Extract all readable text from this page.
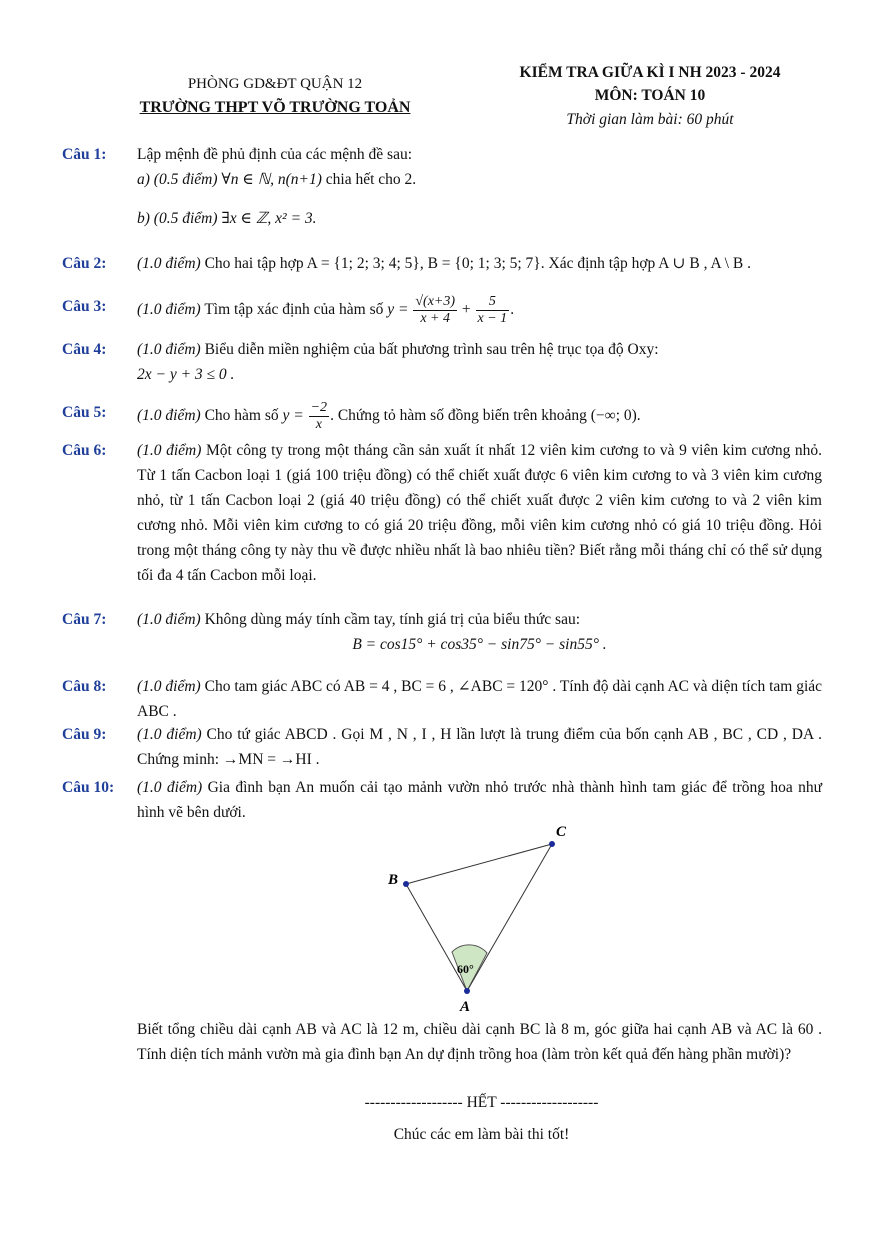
PHÒNG GD&ĐT QUẬN 12
TRƯỜNG THPT VÕ TRƯỜNG TOẢN
KIỂM TRA GIỮA KÌ I NH 2023 - 2024
MÔN: TOÁN 10
Thời gian làm bài: 60 phút
Câu 1:	Lập mệnh đề phủ định của các mệnh đề sau:
a) (0.5 điểm) ∀n ∈ ℕ, n(n+1) chia hết cho 2.
b) (0.5 điểm) ∃x ∈ ℤ, x² = 3.
Câu 2:	(1.0 điểm) Cho hai tập hợp A = {1; 2; 3; 4; 5}, B = {0; 1; 3; 5; 7}. Xác định tập hợp A ∪ B , A \ B .
Câu 3:	(1.0 điểm) Tìm tập xác định của hàm số $y = \frac{√(x+3)}{x + 4} + \frac{5}{x - 1}$ .
Câu 4:	(1.0 điểm) Biểu diễn miền nghiệm của bất phương trình sau trên hệ trục tọa độ Oxy:
2x − y + 3 ≤ 0 .
Câu 5:	(1.0 điểm) Cho hàm số $y = \frac{-2}{x}$ . Chứng tỏ hàm số đồng biến trên khoảng (−∞; 0).
Câu 6:	(1.0 điểm) Một công ty trong một tháng cần sản xuất ít nhất 12 viên kim cương to và 9 viên kim cương nhỏ. Từ 1 tấn Cacbon loại 1 (giá 100 triệu đồng) có thể chiết xuất được 6 viên kim cương to và 3 viên kim cương nhỏ, từ 1 tấn Cacbon loại 2 (giá 40 triệu đồng) có thể chiết xuất được 2 viên kim cương to và 2 viên kim cương nhỏ. Mỗi viên kim cương to có giá 20 triệu đồng, mỗi viên kim cương nhỏ có giá 10 triệu đồng. Hỏi trong một tháng công ty này thu về được nhiều nhất là bao nhiêu tiền? Biết rằng mỗi tháng chỉ có thể sử dụng tối đa 4 tấn Cacbon mỗi loại.
Câu 7:	(1.0 điểm) Không dùng máy tính cầm tay, tính giá trị của biểu thức sau:
B = cos15° + cos35° − sin75° − sin55° .
Câu 8:	(1.0 điểm) Cho tam giác ABC có AB = 4 , BC = 6 , ∠ABC = 120° . Tính độ dài cạnh AC và diện tích tam giác ABC .
Câu 9:	(1.0 điểm) Cho tứ giác ABCD . Gọi M , N , I , H lần lượt là trung điểm của bốn cạnh AB , BC , CD , DA . Chứng minh: →MN = →HI .
Câu 10:	(1.0 điểm) Gia đình bạn An muốn cải tạo mảnh vườn nhỏ trước nhà thành hình tam giác để trồng hoa như hình vẽ bên dưới.
B
C
A
60°
Biết tổng chiều dài cạnh AB và AC là 12 m, chiều dài cạnh BC là 8 m, góc giữa hai cạnh AB và AC là 60 . Tính diện tích mảnh vườn mà gia đình bạn An dự định trồng hoa (làm tròn kết quả đến hàng phần mười)?
------------------- HẾT -------------------
Chúc các em làm bài thi tốt!
